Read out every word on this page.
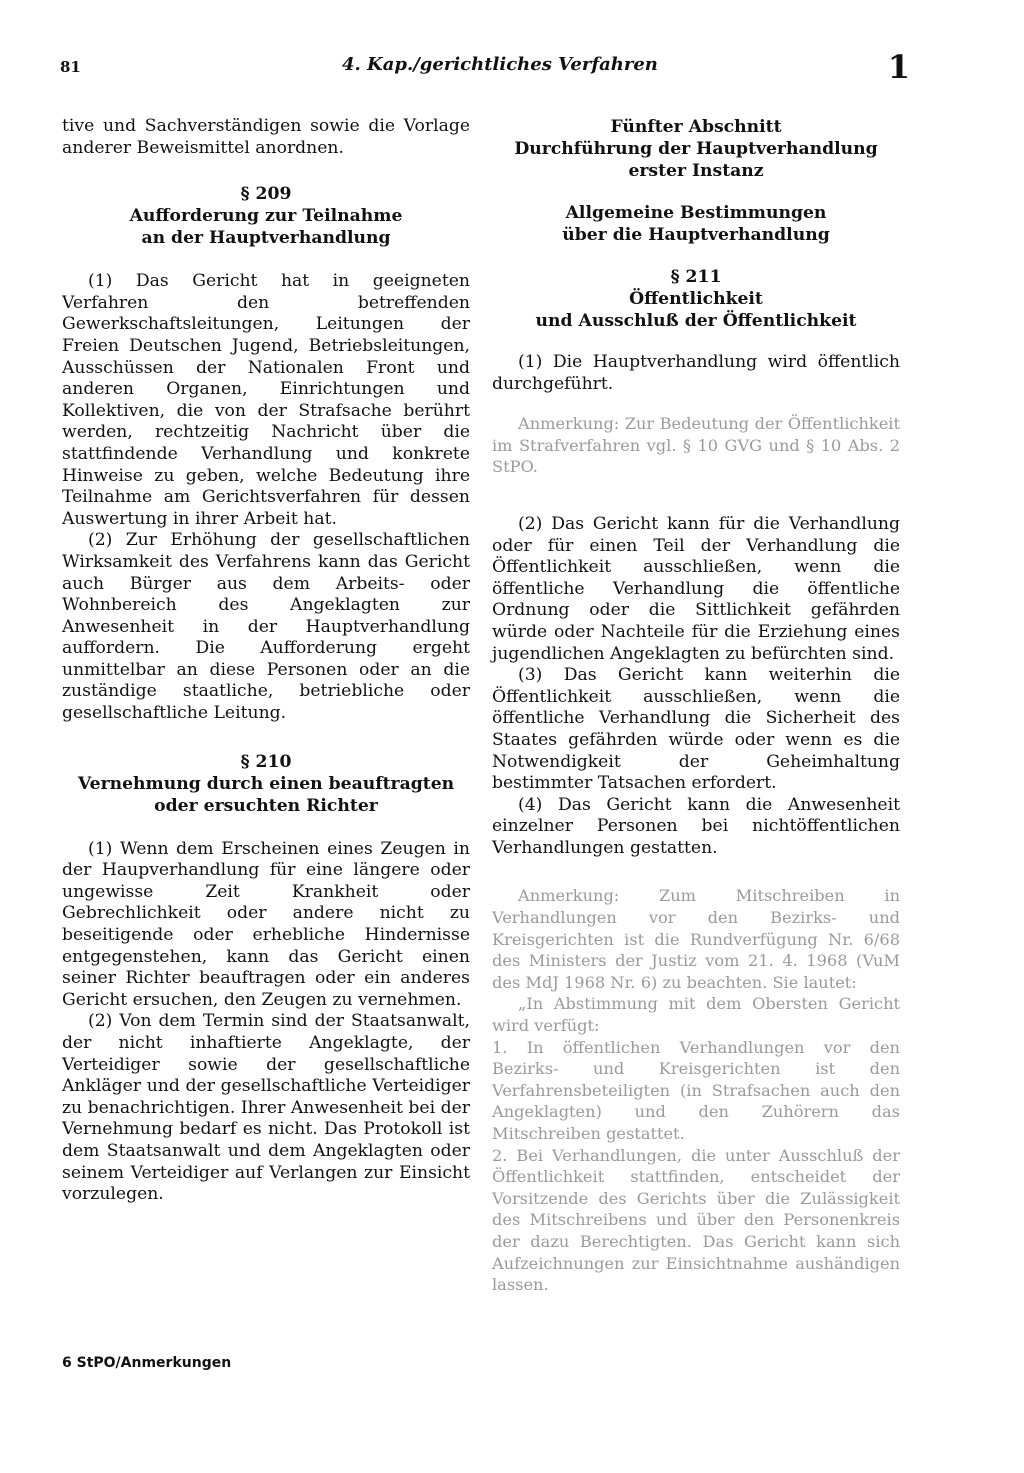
81	4. Kap./gerichtliches Verfahren	1

tive und Sachverständigen sowie die Vorlage anderer Beweismittel anordnen.

§ 209

Aufforderung zur Teilnahme

an der Hauptverhandlung

(1) Das Gericht hat in geeigneten Verfahren den betreffenden Gewerkschaftsleitungen, Leitungen der Freien Deutschen Jugend, Betriebsleitungen, Ausschüssen der Nationalen Front und anderen Organen, Einrichtungen und Kollektiven, die von der Strafsache berührt werden, rechtzeitig Nachricht über die stattfindende Verhandlung und konkrete Hinweise zu geben, welche Bedeutung ihre Teilnahme am Gerichtsverfahren für dessen Auswertung in ihrer Arbeit hat.

(2) Zur Erhöhung der gesellschaftlichen Wirksamkeit des Verfahrens kann das Gericht auch Bürger aus dem Arbeits- oder Wohnbereich des Angeklagten zur Anwesenheit in der Hauptverhandlung auffordern. Die Aufforderung ergeht unmittelbar an diese Personen oder an die zuständige staatliche, betriebliche oder gesellschaftliche Leitung.

§ 210

Vernehmung durch einen beauftragten

oder ersuchten Richter

(1) Wenn dem Erscheinen eines Zeugen in der Haupverhandlung für eine längere oder ungewisse Zeit Krankheit oder Gebrechlichkeit oder andere nicht zu beseitigende oder erhebliche Hindernisse entgegenstehen, kann das Gericht einen seiner Richter beauftragen oder ein anderes Gericht ersuchen, den Zeugen zu vernehmen.

(2) Von dem Termin sind der Staatsanwalt, der nicht inhaftierte Angeklagte, der Verteidiger sowie der gesellschaftliche Ankläger und der gesellschaftliche Verteidiger zu benachrichtigen. Ihrer Anwesenheit bei der Vernehmung bedarf es nicht. Das Protokoll ist dem Staatsanwalt und dem Angeklagten oder seinem Verteidiger auf Verlangen zur Einsicht vorzulegen.

Fünfter Abschnitt

Durchführung der Hauptverhandlung

erster Instanz

Allgemeine Bestimmungen

über die Hauptverhandlung

§ 211

Öffentlichkeit

und Ausschluß der Öffentlichkeit

(1) Die Hauptverhandlung wird öffentlich durchgeführt.

Anmerkung: Zur Bedeutung der Öffentlichkeit im Strafverfahren vgl. § 10 GVG und § 10 Abs. 2 StPO.

(2) Das Gericht kann für die Verhandlung oder für einen Teil der Verhandlung die Öffentlichkeit ausschließen, wenn die öffentliche Verhandlung die öffentliche Ordnung oder die Sittlichkeit gefährden würde oder Nachteile für die Erziehung eines jugendlichen Angeklagten zu befürchten sind.

(3) Das Gericht kann weiterhin die Öffentlichkeit ausschließen, wenn die öffentliche Verhandlung die Sicherheit des Staates gefährden würde oder wenn es die Notwendigkeit der Geheimhaltung bestimmter Tatsachen erfordert.

(4) Das Gericht kann die Anwesenheit einzelner Personen bei nichtöffentlichen Verhandlungen gestatten.

Anmerkung: Zum Mitschreiben in Verhandlungen vor den Bezirks- und Kreisgerichten ist die Rundverfügung Nr. 6/68 des Ministers der Justiz vom 21. 4. 1968 (VuM des MdJ 1968 Nr. 6) zu beachten. Sie lautet:

„In Abstimmung mit dem Obersten Gericht wird verfügt:

1. In öffentlichen Verhandlungen vor den Bezirks- und Kreisgerichten ist den Verfahrensbeteiligten (in Strafsachen auch den Angeklagten) und den Zuhörern das Mitschreiben gestattet.

2. Bei Verhandlungen, die unter Ausschluß der Öffentlichkeit stattfinden, entscheidet der Vorsitzende des Gerichts über die Zulässigkeit des Mitschreibens und über den Personenkreis der dazu Berechtigten. Das Gericht kann sich Aufzeichnungen zur Einsichtnahme aushändigen lassen.

6 StPO/Anmerkungen
